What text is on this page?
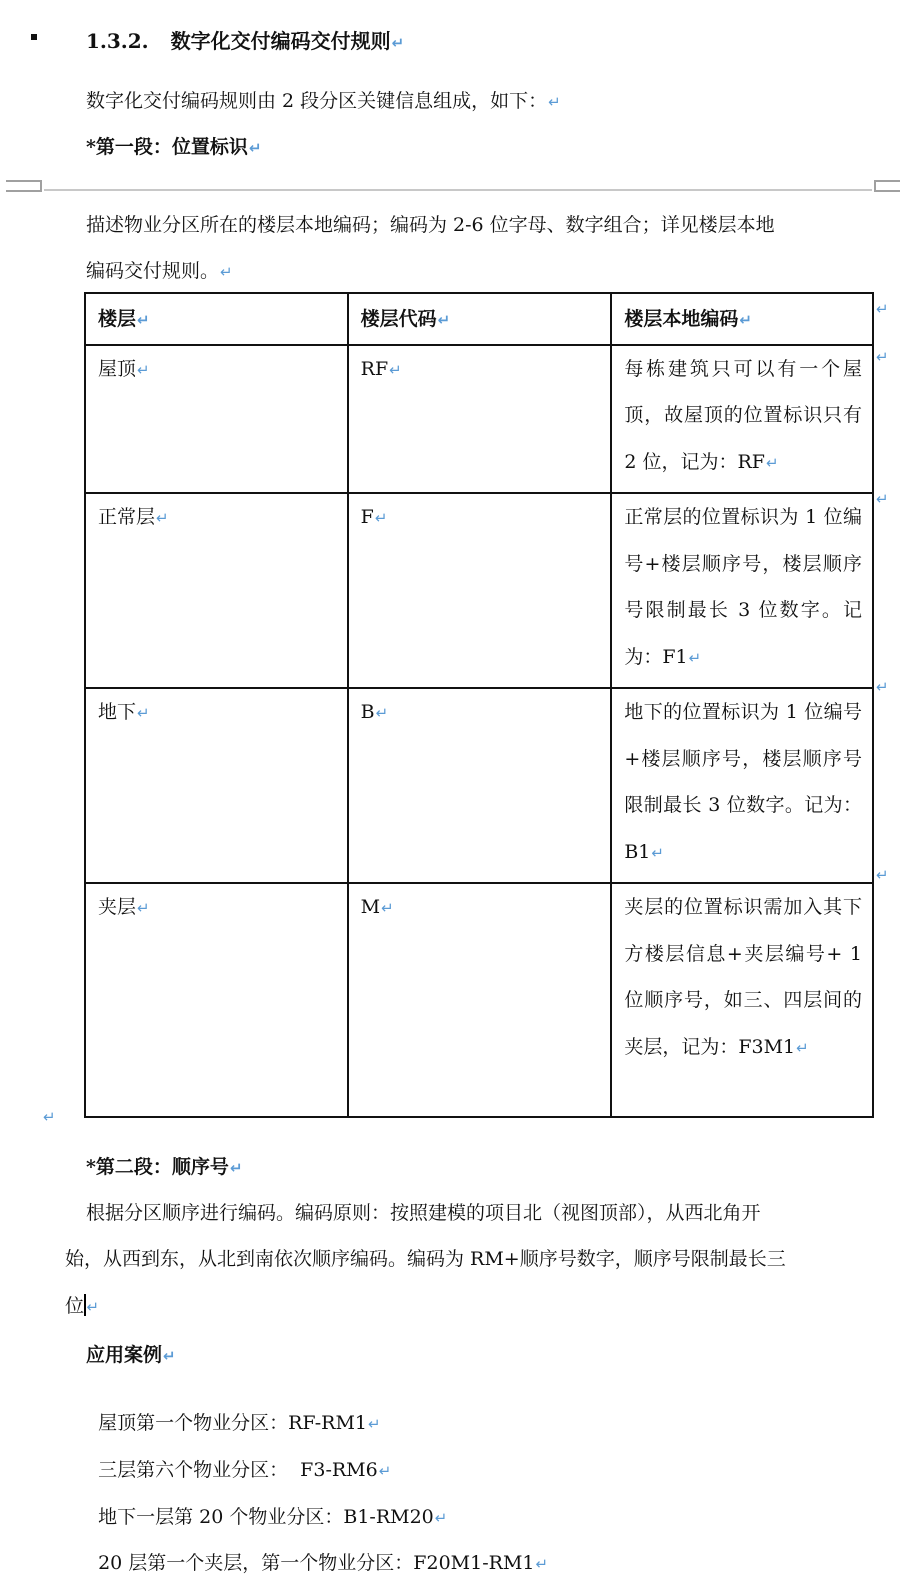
1.3.2. 数字化交付编码交付规则↵
数字化交付编码规则由 2 段分区关键信息组成，如下：↵
*第一段：位置标识↵
描述物业分区所在的楼层本地编码；编码为 2-6 位字母、数字组合；详见楼层本地
编码交付规则。↵
楼层↵	楼层代码↵	楼层本地编码↵
屋顶↵	RF↵	每栋建筑只可以有一个屋顶，故屋顶的位置标识只有 2 位，记为：RF↵
正常层↵	F↵	正常层的位置标识为 1 位编号+楼层顺序号，楼层顺序号限制最长 3 位数字。记为：F1↵
地下↵	B↵	地下的位置标识为 1 位编号+楼层顺序号，楼层顺序号限制最长 3 位数字。记为：B1↵
夹层↵	M↵	夹层的位置标识需加入其下方楼层信息+夹层编号+ 1 位顺序号，如三、四层间的夹层，记为：F3M1↵
↵
↵
↵
↵
↵
↵
*第二段：顺序号↵
根据分区顺序进行编码。编码原则：按照建模的项目北（视图顶部），从西北角开
始，从西到东，从北到南依次顺序编码。编码为 RM+顺序号数字，顺序号限制最长三
位 ↵
应用案例↵

屋顶第一个物业分区：RF-RM1↵

三层第六个物业分区：  F3-RM6↵

地下一层第 20 个物业分区：B1-RM20↵

20 层第一个夹层，第一个物业分区：F20M1-RM1↵
